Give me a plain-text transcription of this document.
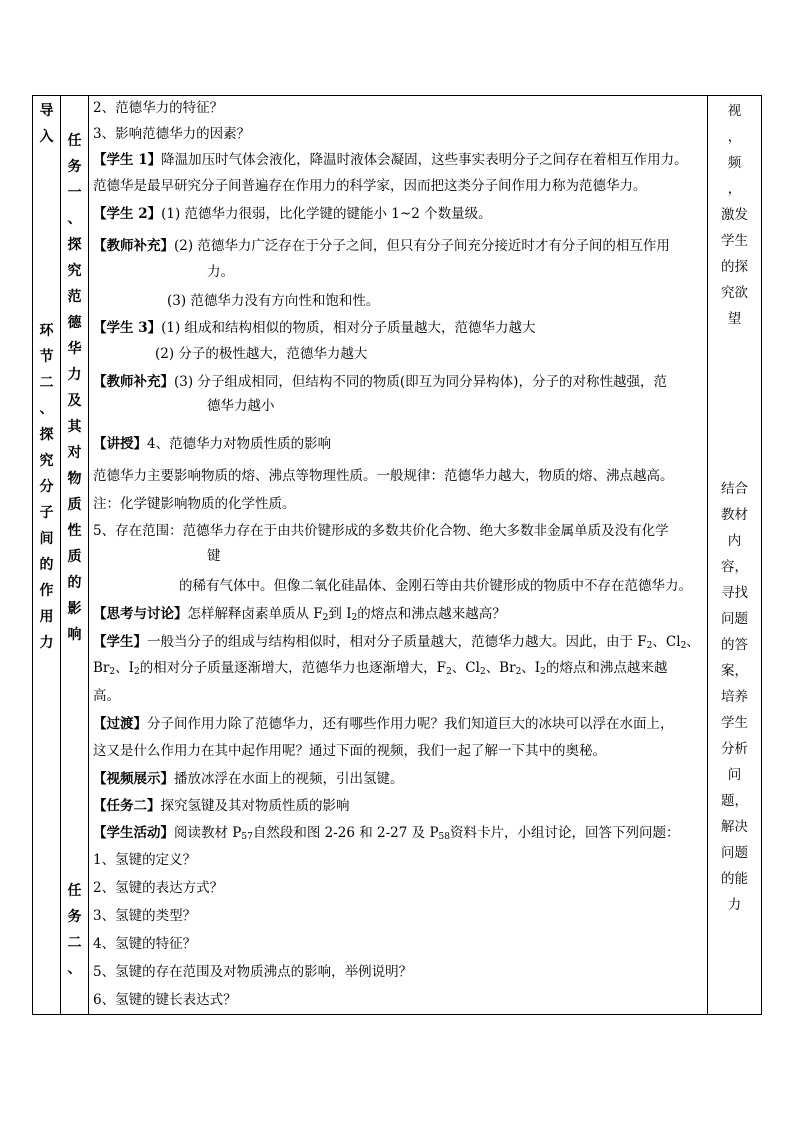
导
入
环
节
二
、
探
究
分
子
间
的
作
用
力
任
务
一
、
探
究
范
德
华
力
及
其
对
物
质
性
质
的
影
响
任
务
二
、
视
，
频
，
激发
学生
的探
究欲
望
结合
教材
内
容，
寻找
问题
的答
案，
培养
学生
分析
问
题，
解决
问题
的能
力
2、范德华力的特征？
3、影响范德华力的因素？
【学生 1】降温加压时气体会液化，降温时液体会凝固，这些事实表明分子之间存在着相互作用力。
范德华是最早研究分子间普遍存在作用力的科学家，因而把这类分子间作用力称为范德华力。
【学生 2】(1) 范德华力很弱，比化学键的键能小 1~2 个数量级。
【教师补充】(2) 范德华力广泛存在于分子之间，但只有分子间充分接近时才有分子间的相互作用
力。
(3) 范德华力没有方向性和饱和性。
【学生 3】(1) 组成和结构相似的物质，相对分子质量越大，范德华力越大
(2) 分子的极性越大，范德华力越大
【教师补充】(3) 分子组成相同，但结构不同的物质(即互为同分异构体)，分子的对称性越强，范
德华力越小
【讲授】4、范德华力对物质性质的影响
范德华力主要影响物质的熔、沸点等物理性质。一般规律：范德华力越大，物质的熔、沸点越高。
注：化学键影响物质的化学性质。
5、存在范围：范德华力存在于由共价键形成的多数共价化合物、绝大多数非金属单质及没有化学
键
的稀有气体中。但像二氧化硅晶体、金刚石等由共价键形成的物质中不存在范德华力。
【思考与讨论】怎样解释卤素单质从 $F_2$到 $I_2$的熔点和沸点越来越高？
【学生】一般当分子的组成与结构相似时，相对分子质量越大，范德华力越大。因此，由于 $F_2$、$Cl_2$、
$Br_2$、$I_2$的相对分子质量逐渐增大，范德华力也逐渐增大，$F_2$、$Cl_2$、$Br_2$、$I_2$的熔点和沸点越来越
高。
【过渡】分子间作用力除了范德华力，还有哪些作用力呢？我们知道巨大的冰块可以浮在水面上，
这又是什么作用力在其中起作用呢？通过下面的视频，我们一起了解一下其中的奥秘。
【视频展示】播放冰浮在水面上的视频，引出氢键。
【任务二】探究氢键及其对物质性质的影响
【学生活动】阅读教材 $P_{57}$自然段和图 2-26 和 2-27 及 $P_{58}$资料卡片，小组讨论，回答下列问题：
1、氢键的定义？
2、氢键的表达方式？
3、氢键的类型？
4、氢键的特征？
5、氢键的存在范围及对物质沸点的影响，举例说明？
6、氢键的键长表达式？
